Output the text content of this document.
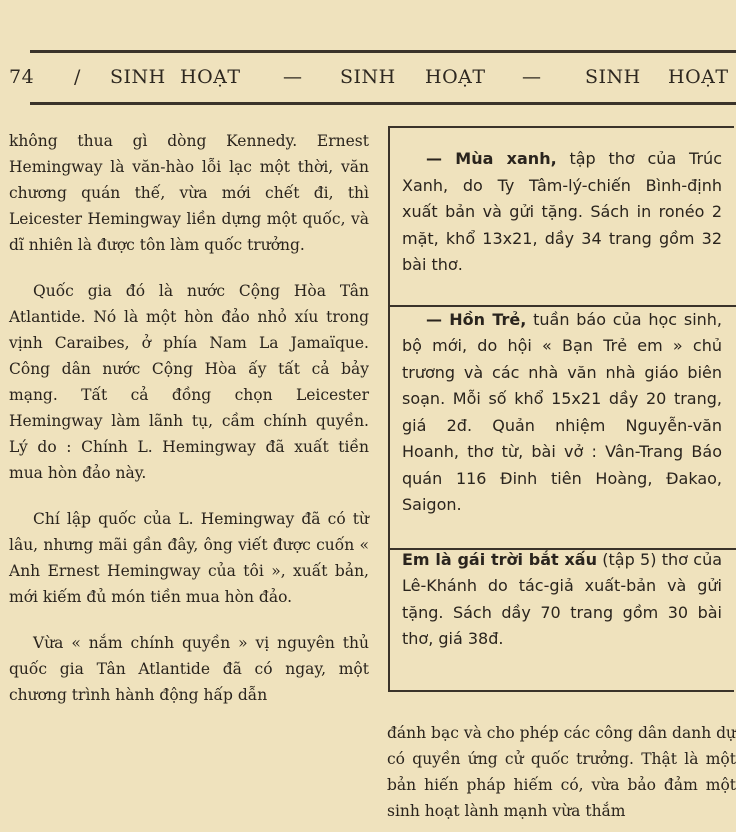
74 / SINH HOẠT — SINH HOẠT — SINH HOẠT

không thua gì dòng Kennedy. Ernest Hemingway là văn-hào lỗi lạc một thời, văn chương quán thế, vừa mới chết đi, thì Leicester Hemingway liền dựng một quốc, và dĩ nhiên là được tôn làm quốc trưởng.

Quốc gia đó là nước Cộng Hòa Tân Atlantide. Nó là một hòn đảo nhỏ xíu trong vịnh Caraibes, ở phía Nam La Jamaïque. Công dân nước Cộng Hòa ấy tất cả bảy mạng. Tất cả đồng chọn Leicester Hemingway làm lãnh tụ, cầm chính quyền. Lý do : Chính L. Hemingway đã xuất tiền mua hòn đảo này.

Chí lập quốc của L. Hemingway đã có từ lâu, nhưng mãi gần đây, ông viết được cuốn « Anh Ernest Hemingway của tôi », xuất bản, mới kiếm đủ món tiền mua hòn đảo.

Vừa « nắm chính quyền » vị nguyên thủ quốc gia Tân Atlantide đã có ngay, một chương trình hành động hấp dẫn

— Mùa xanh, tập thơ của Trúc Xanh, do Ty Tâm-lý-chiến Bình-định xuất bản và gửi tặng. Sách in ronéo 2 mặt, khổ 13x21, dầy 34 trang gồm 32 bài thơ.

— Hồn Trẻ, tuần báo của học sinh, bộ mới, do hội « Bạn Trẻ em » chủ trương và các nhà văn nhà giáo biên soạn. Mỗi số khổ 15x21 dầy 20 trang, giá 2đ. Quản nhiệm Nguyễn-văn Hoanh, thơ từ, bài vở : Vân-Trang Báo quán 116 Đinh tiên Hoàng, Đakao, Saigon.

Em là gái trời bắt xấu (tập 5) thơ của Lê-Khánh do tác-giả xuất-bản và gửi tặng. Sách dầy 70 trang gồm 30 bài thơ, giá 38đ.

đánh bạc và cho phép các công dân danh dự có quyền ứng cử quốc trưởng. Thật là một bản hiến pháp hiếm có, vừa bảo đảm một sinh hoạt lành mạnh vừa thắm
